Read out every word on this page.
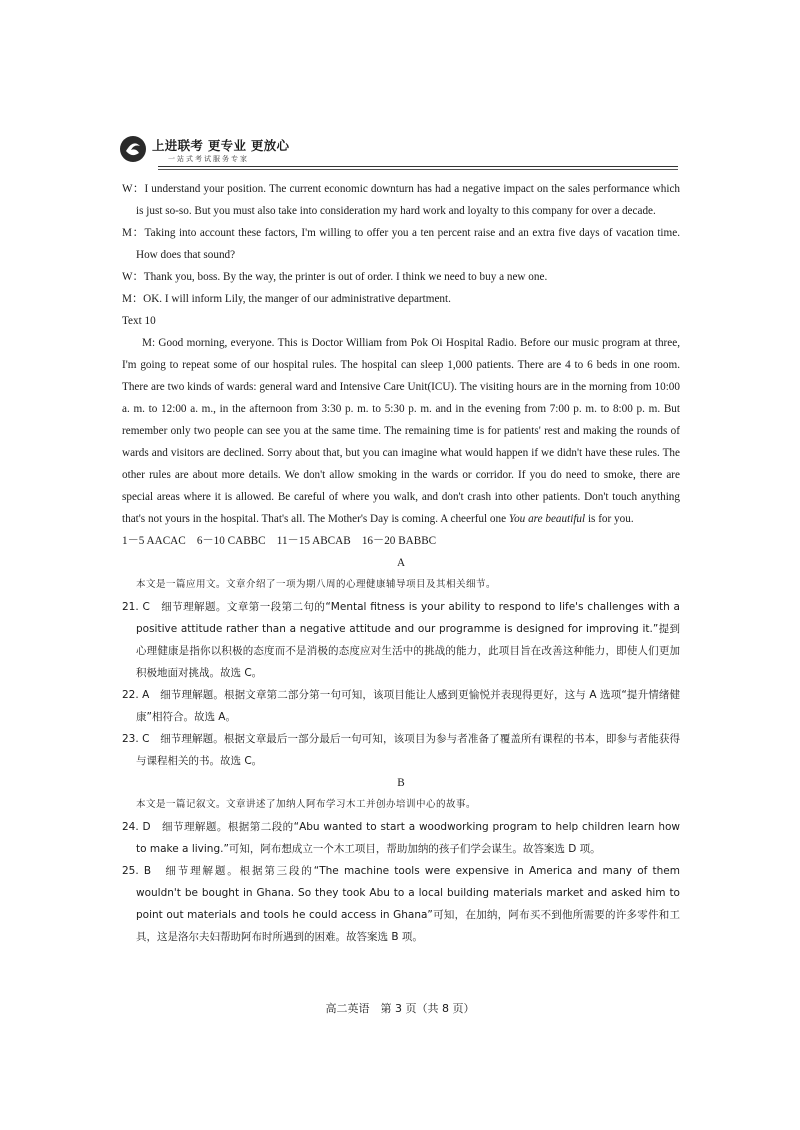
上进联考 更专业 更放心
一站式考试服务专家

W：I understand your position. The current economic downturn has had a negative impact on the sales performance which is just so-so. But you must also take into consideration my hard work and loyalty to this company for over a decade.

M：Taking into account these factors, I'm willing to offer you a ten percent raise and an extra five days of vacation time. How does that sound?

W：Thank you, boss. By the way, the printer is out of order. I think we need to buy a new one.

M：OK. I will inform Lily, the manger of our administrative department.

Text 10

M: Good morning, everyone. This is Doctor William from Pok Oi Hospital Radio. Before our music program at three, I'm going to repeat some of our hospital rules. The hospital can sleep 1,000 patients. There are 4 to 6 beds in one room. There are two kinds of wards: general ward and Intensive Care Unit(ICU). The visiting hours are in the morning from 10:00 a. m. to 12:00 a. m., in the afternoon from 3:30 p. m. to 5:30 p. m. and in the evening from 7:00 p. m. to 8:00 p. m. But remember only two people can see you at the same time. The remaining time is for patients' rest and making the rounds of wards and visitors are declined. Sorry about that, but you can imagine what would happen if we didn't have these rules. The other rules are about more details. We don't allow smoking in the wards or corridor. If you do need to smoke, there are special areas where it is allowed. Be careful of where you walk, and don't crash into other patients. Don't touch anything that's not yours in the hospital. That's all. The Mother's Day is coming. A cheerful one You are beautiful is for you.

1－5 AACAC　6－10 CABBC　11－15 ABCAB　16－20 BABBC

A

本文是一篇应用文。文章介绍了一项为期八周的心理健康辅导项目及其相关细节。

21. C　细节理解题。文章第一段第二句的“Mental fitness is your ability to respond to life's challenges with a positive attitude rather than a negative attitude and our programme is designed for improving it.”提到心理健康是指你以积极的态度而不是消极的态度应对生活中的挑战的能力，此项目旨在改善这种能力，即使人们更加积极地面对挑战。故选 C。

22. A　细节理解题。根据文章第二部分第一句可知，该项目能让人感到更愉悦并表现得更好，这与 A 选项“提升情绪健康”相符合。故选 A。

23. C　细节理解题。根据文章最后一部分最后一句可知，该项目为参与者准备了覆盖所有课程的书本，即参与者能获得与课程相关的书。故选 C。

B

本文是一篇记叙文。文章讲述了加纳人阿布学习木工并创办培训中心的故事。

24. D　细节理解题。根据第二段的“Abu wanted to start a woodworking program to help children learn how to make a living.”可知，阿布想成立一个木工项目，帮助加纳的孩子们学会谋生。故答案选 D 项。

25. B　细节理解题。根据第三段的“The machine tools were expensive in America and many of them wouldn't be bought in Ghana. So they took Abu to a local building materials market and asked him to point out materials and tools he could access in Ghana”可知，在加纳，阿布买不到他所需要的许多零件和工具，这是洛尔夫妇帮助阿布时所遇到的困难。故答案选 B 项。

高二英语　第 3 页（共 8 页）
